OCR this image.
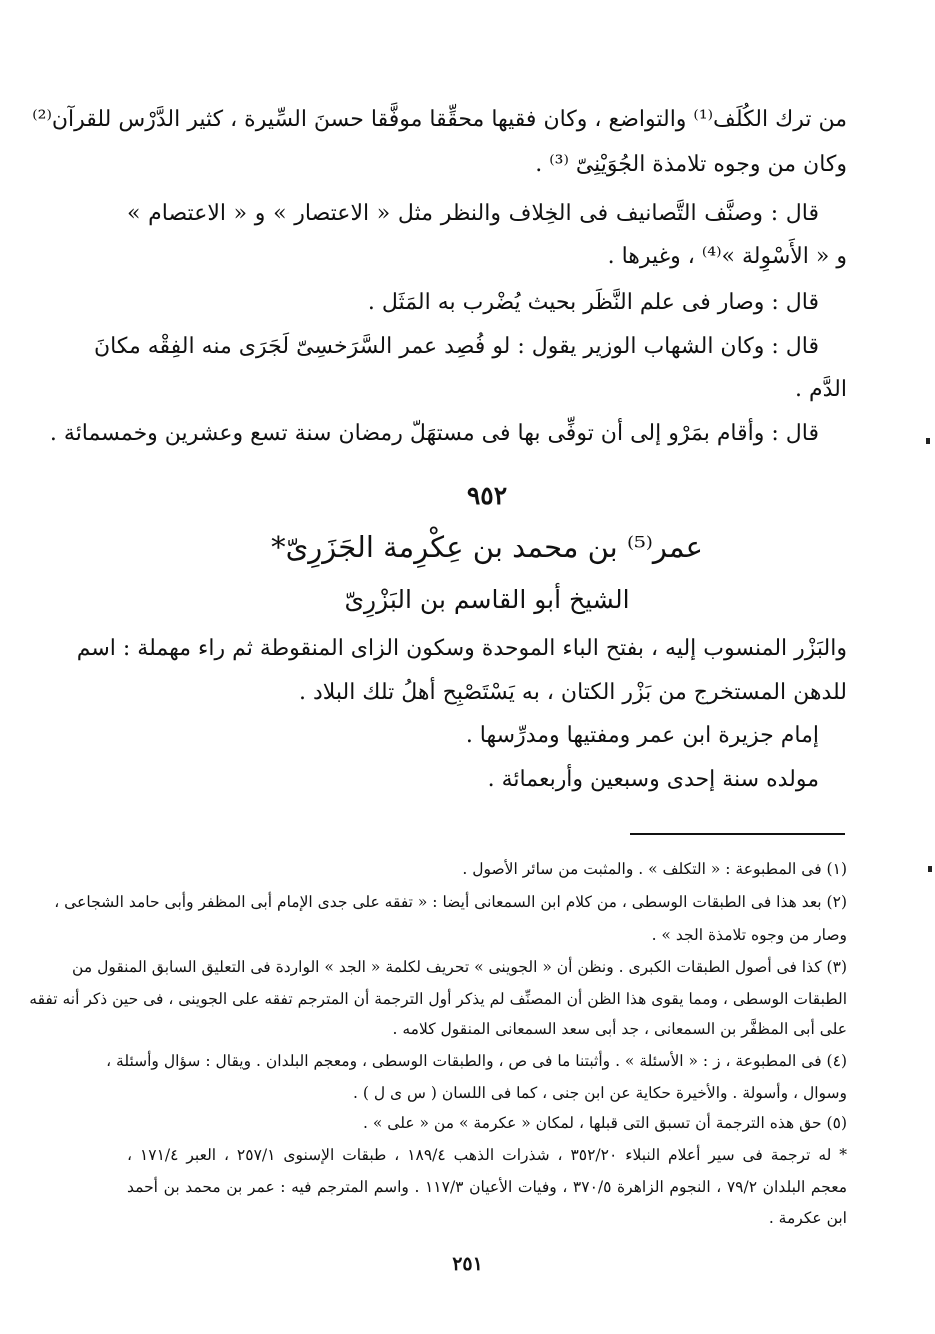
من ترك الكُلَف⁽¹⁾ والتواضع ، وكان فقيها محقِّقا موفَّقا حسنَ السِّيرة ، كثير الدَّرْس للقرآن⁽²⁾

وكان من وجوه تلامذة الجُوَيْنِىّ ⁽³⁾ .

قال : وصنَّف التَّصانيف فى الخِلاف والنظر مثل « الاعتصار » و « الاعتصام »

و « الأَسْوِلة »⁽⁴⁾ ، وغيرها .

قال : وصار فى علم النَّظَر بحيث يُضْرب به المَثَل .

قال : وكان الشهاب الوزير يقول : لو فُصِد عمر السَّرَخسِىّ لَجَرَى منه الفِقْه مكانَ

الدَّم .

قال : وأقام بمَرْو إلى أن توفِّى بها فى مستهَلّ رمضان سنة تسع وعشرين وخمسمائة .

٩٥٢

عمر⁽⁵⁾ بن محمد بن عِكْرِمة الجَزَرِىّ*

الشيخ أبو القاسم بن البَزْرِىّ

والبَزْر المنسوب إليه ، بفتح الباء الموحدة وسكون الزاى المنقوطة ثم راء مهملة : اسم

للدهن المستخرج من بَزْر الكتان ، به يَسْتَصْبِح أهلُ تلك البلاد .

إمام جزيرة ابن عمر ومفتيها ومدرِّسها .

مولده سنة إحدى وسبعين وأربعمائة .

(١) فى المطبوعة : « التكلف » . والمثبت من سائر الأصول .

(٢) بعد هذا فى الطبقات الوسطى ، من كلام ابن السمعانى أيضا : « تفقه على جدى الإمام أبى المظفر وأبى حامد الشجاعى ،

وصار من وجوه تلامذة الجد » .

(٣) كذا فى أصول الطبقات الكبرى . ونظن أن « الجوينى » تحريف لكلمة « الجد » الواردة فى التعليق السابق المنقول من

الطبقات الوسطى ، ومما يقوى هذا الظن أن المصنِّف لم يذكر أول الترجمة أن المترجم تفقه على الجوينى ، فى حين ذكر أنه تفقه

على أبى المظفَّر بن السمعانى ، جد أبى سعد السمعانى المنقول كلامه .

(٤) فى المطبوعة ، ز : « الأسئلة » . وأثبتنا ما فى ص ، والطبقات الوسطى ، ومعجم البلدان . ويقال : سؤال وأسئلة ،

وسوال ، وأسولة . والأخيرة حكاية عن ابن جنى ، كما فى اللسان ( س ى ل ) .

(٥) حق هذه الترجمة أن تسبق التى قبلها ، لمكان « عكرمة » من « على » .

* له ترجمة فى سير أعلام النبلاء ٣٥٢/٢٠ ، شذرات الذهب ١٨٩/٤ ، طبقات الإسنوى ٢٥٧/١ ، العبر ١٧١/٤ ،

معجم البلدان ٧٩/٢ ، النجوم الزاهرة ٣٧٠/٥ ، وفيات الأعيان ١١٧/٣ . واسم المترجم فيه : عمر بن محمد بن أحمد

ابن عكرمة .

٢٥١
